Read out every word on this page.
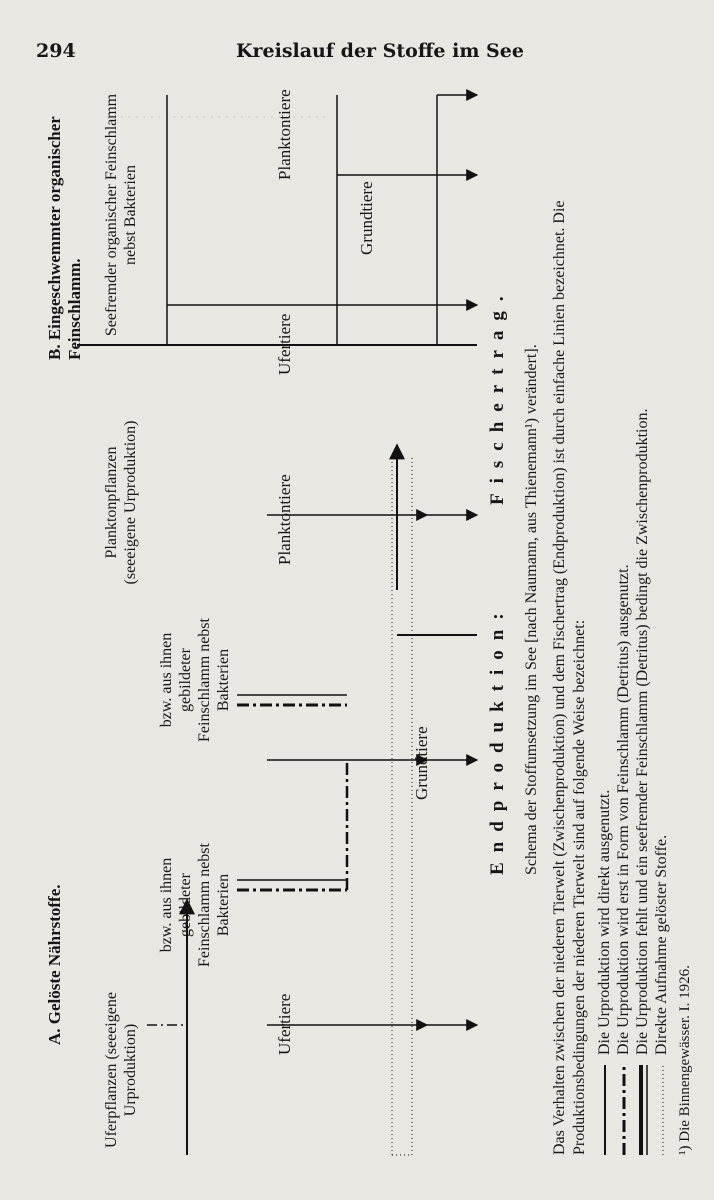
294	Kreislauf der Stoffe im See
. . . . . . . . . . . . . . . . . . . . . . . . . . . .
A. Gelöste Nährstoffe.
Uferpflanzen (seeeigene Urproduktion)
bzw. aus ihnen gebildeter Feinschlamm nebst Bakterien
bzw. aus ihnen gebildeter Feinschlamm nebst Bakterien
Planktonpflanzen (seeeigene Urproduktion)
Ufertiere
Grundtiere
Planktontiere
B. Eingeschwemmter organischer Feinschlamm. Seefremder organischer Feinschlamm nebst Bakterien
Ufertiere
Grundtiere
Planktontiere
Endproduktion:
Fischertrag. Schema der Stoffumsetzung im See [nach Naumann, aus Thienemann¹) verändert]. Das Verhalten zwischen der niederen Tierwelt (Zwischenproduktion) und dem Fischertrag (Endproduktion) ist durch einfache Linien bezeichnet. Die Produktionsbedingungen der niederen Tierwelt sind auf folgende Weise bezeichnet: Die Urproduktion wird direkt ausgenutzt. Die Urproduktion wird erst in Form von Feinschlamm (Detritus) ausgenutzt. Die Urproduktion fehlt und ein seefremder Feinschlamm (Detritus) bedingt die Zwischenproduktion. Direkte Aufnahme gelöster Stoffe.
¹) Die Binnengewässer. I. 1926.
